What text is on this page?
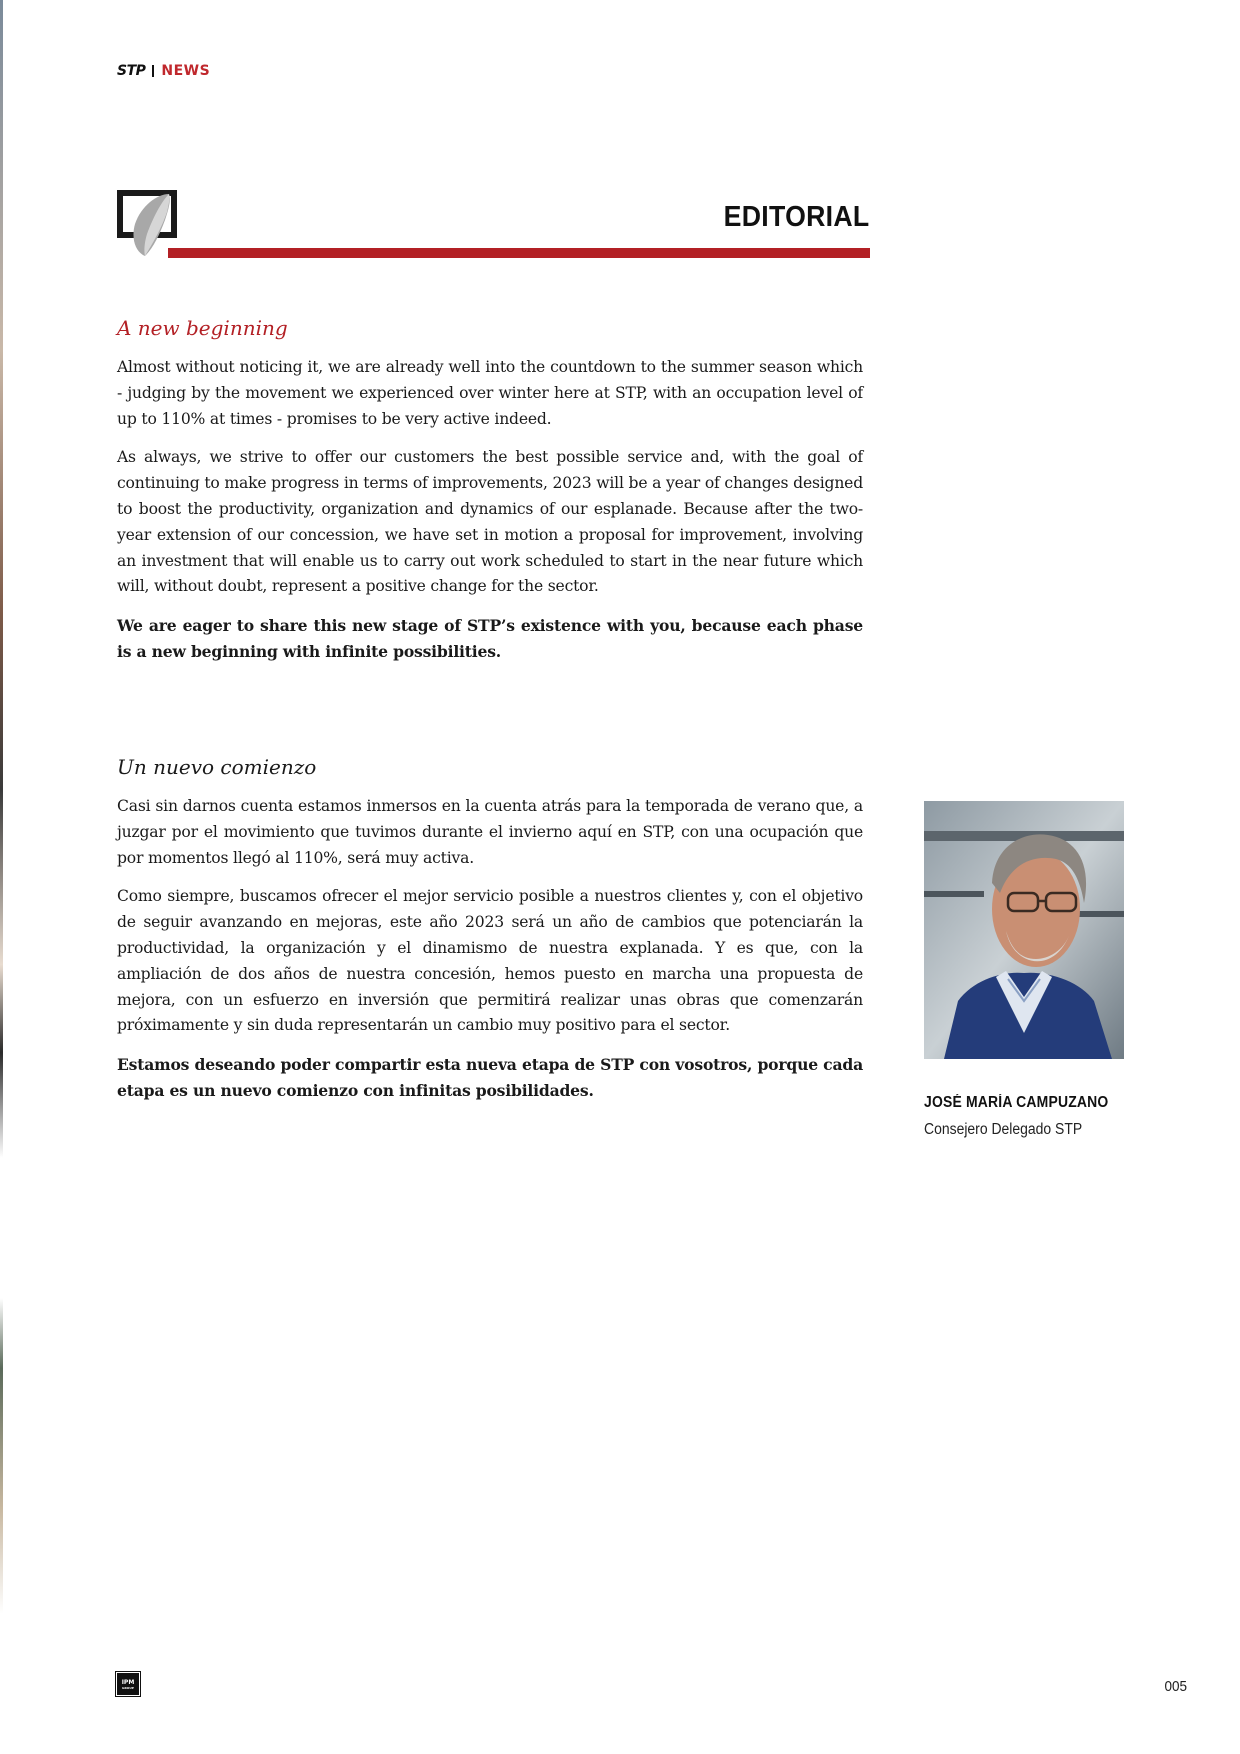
STP NEWS
EDITORIAL
A new beginning

Almost without noticing it, we are already well into the countdown to the summer season which - judging by the movement we experienced over winter here at STP, with an occupation level of up to 110% at times - promises to be very active indeed.

As always, we strive to offer our customers the best possible service and, with the goal of continuing to make progress in terms of improvements, 2023 will be a year of changes designed to boost the productivity, organization and dynamics of our esplanade. Because after the two-year extension of our concession, we have set in motion a proposal for improvement, involving an investment that will enable us to carry out work scheduled to start in the near future which will, without doubt, represent a positive change for the sector.

We are eager to share this new stage of STP’s existence with you, because each phase is a new beginning with infinite possibilities.

Un nuevo comienzo

Casi sin darnos cuenta estamos inmersos en la cuenta atrás para la temporada de verano que, a juzgar por el movimiento que tuvimos durante el invierno aquí en STP, con una ocupación que por momentos llegó al 110%, será muy activa.

Como siempre, buscamos ofrecer el mejor servicio posible a nuestros clientes y, con el objetivo de seguir avanzando en mejoras, este año 2023 será un año de cambios que potenciarán la productividad, la organización y el dinamismo de nuestra explanada. Y es que, con la ampliación de dos años de nuestra concesión, hemos puesto en marcha una propuesta de mejora, con un esfuerzo en inversión que permitirá realizar unas obras que comenzarán próximamente y sin duda representarán un cambio muy positivo para el sector.

Estamos deseando poder compartir esta nueva etapa de STP con vosotros, porque cada etapa es un nuevo comienzo con infinitas posibilidades.

JOSÉ MARÍA CAMPUZANO
Consejero Delegado STP
IPM
GROUP	005
